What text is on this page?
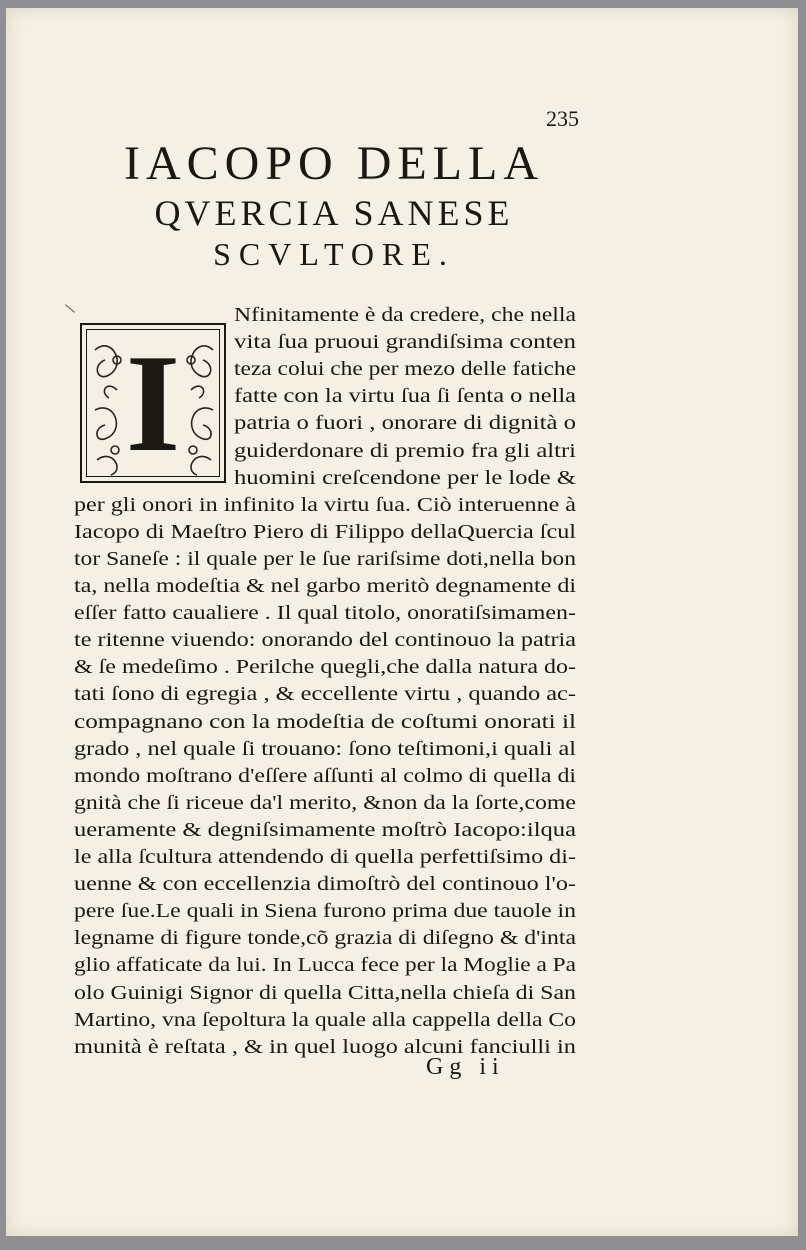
235
IACOPO DELLA
QVERCIA SANESE
SCVLTORE.
I
Nfinitamente è da credere, che nella
vita ſua pruoui grandiſsima conten
teza colui che per mezo delle fatiche
fatte con la virtu ſua ſi ſenta o nella
patria o fuori , onorare di dignità o
guiderdonare di premio fra gli altri
huomini creſcendone per le lode &
per gli onori in infinito la virtu ſua. Ciò interuenne à
Iacopo di Maeſtro Piero di Filippo dellaQuercia ſcul
tor Saneſe : il quale per le ſue rariſsime doti,nella bon
ta, nella modeſtia & nel garbo meritò degnamente di
eſſer fatto caualiere . Il qual titolo, onoratiſsimamen-
te ritenne viuendo: onorando del continouo la patria
& ſe medeſimo . Perilche quegli,che dalla natura do-
tati ſono di egregia , & eccellente virtu , quando ac-
compagnano con la modeſtia de coſtumi onorati il
grado , nel quale ſi trouano: ſono teſtimoni,i quali al
mondo moſtrano d'eſſere aſſunti al colmo di quella di
gnità che ſi riceue da'l merito, &non da la ſorte,come
ueramente & degniſsimamente moſtrò Iacopo:ilqua
le alla ſcultura attendendo di quella perfettiſsimo di-
uenne & con eccellenzia dimoſtrò del continouo l'o-
pere ſue.Le quali in Siena furono prima due tauole in
legname di figure tonde,cõ grazia di diſegno & d'inta
glio affaticate da lui. In Lucca fece per la Moglie a Pa
olo Guinigi Signor di quella Citta,nella chieſa di San
Martino, vna ſepoltura la quale alla cappella della Co
munità è reſtata , & in quel luogo alcuni fanciulli in
Gg ii
